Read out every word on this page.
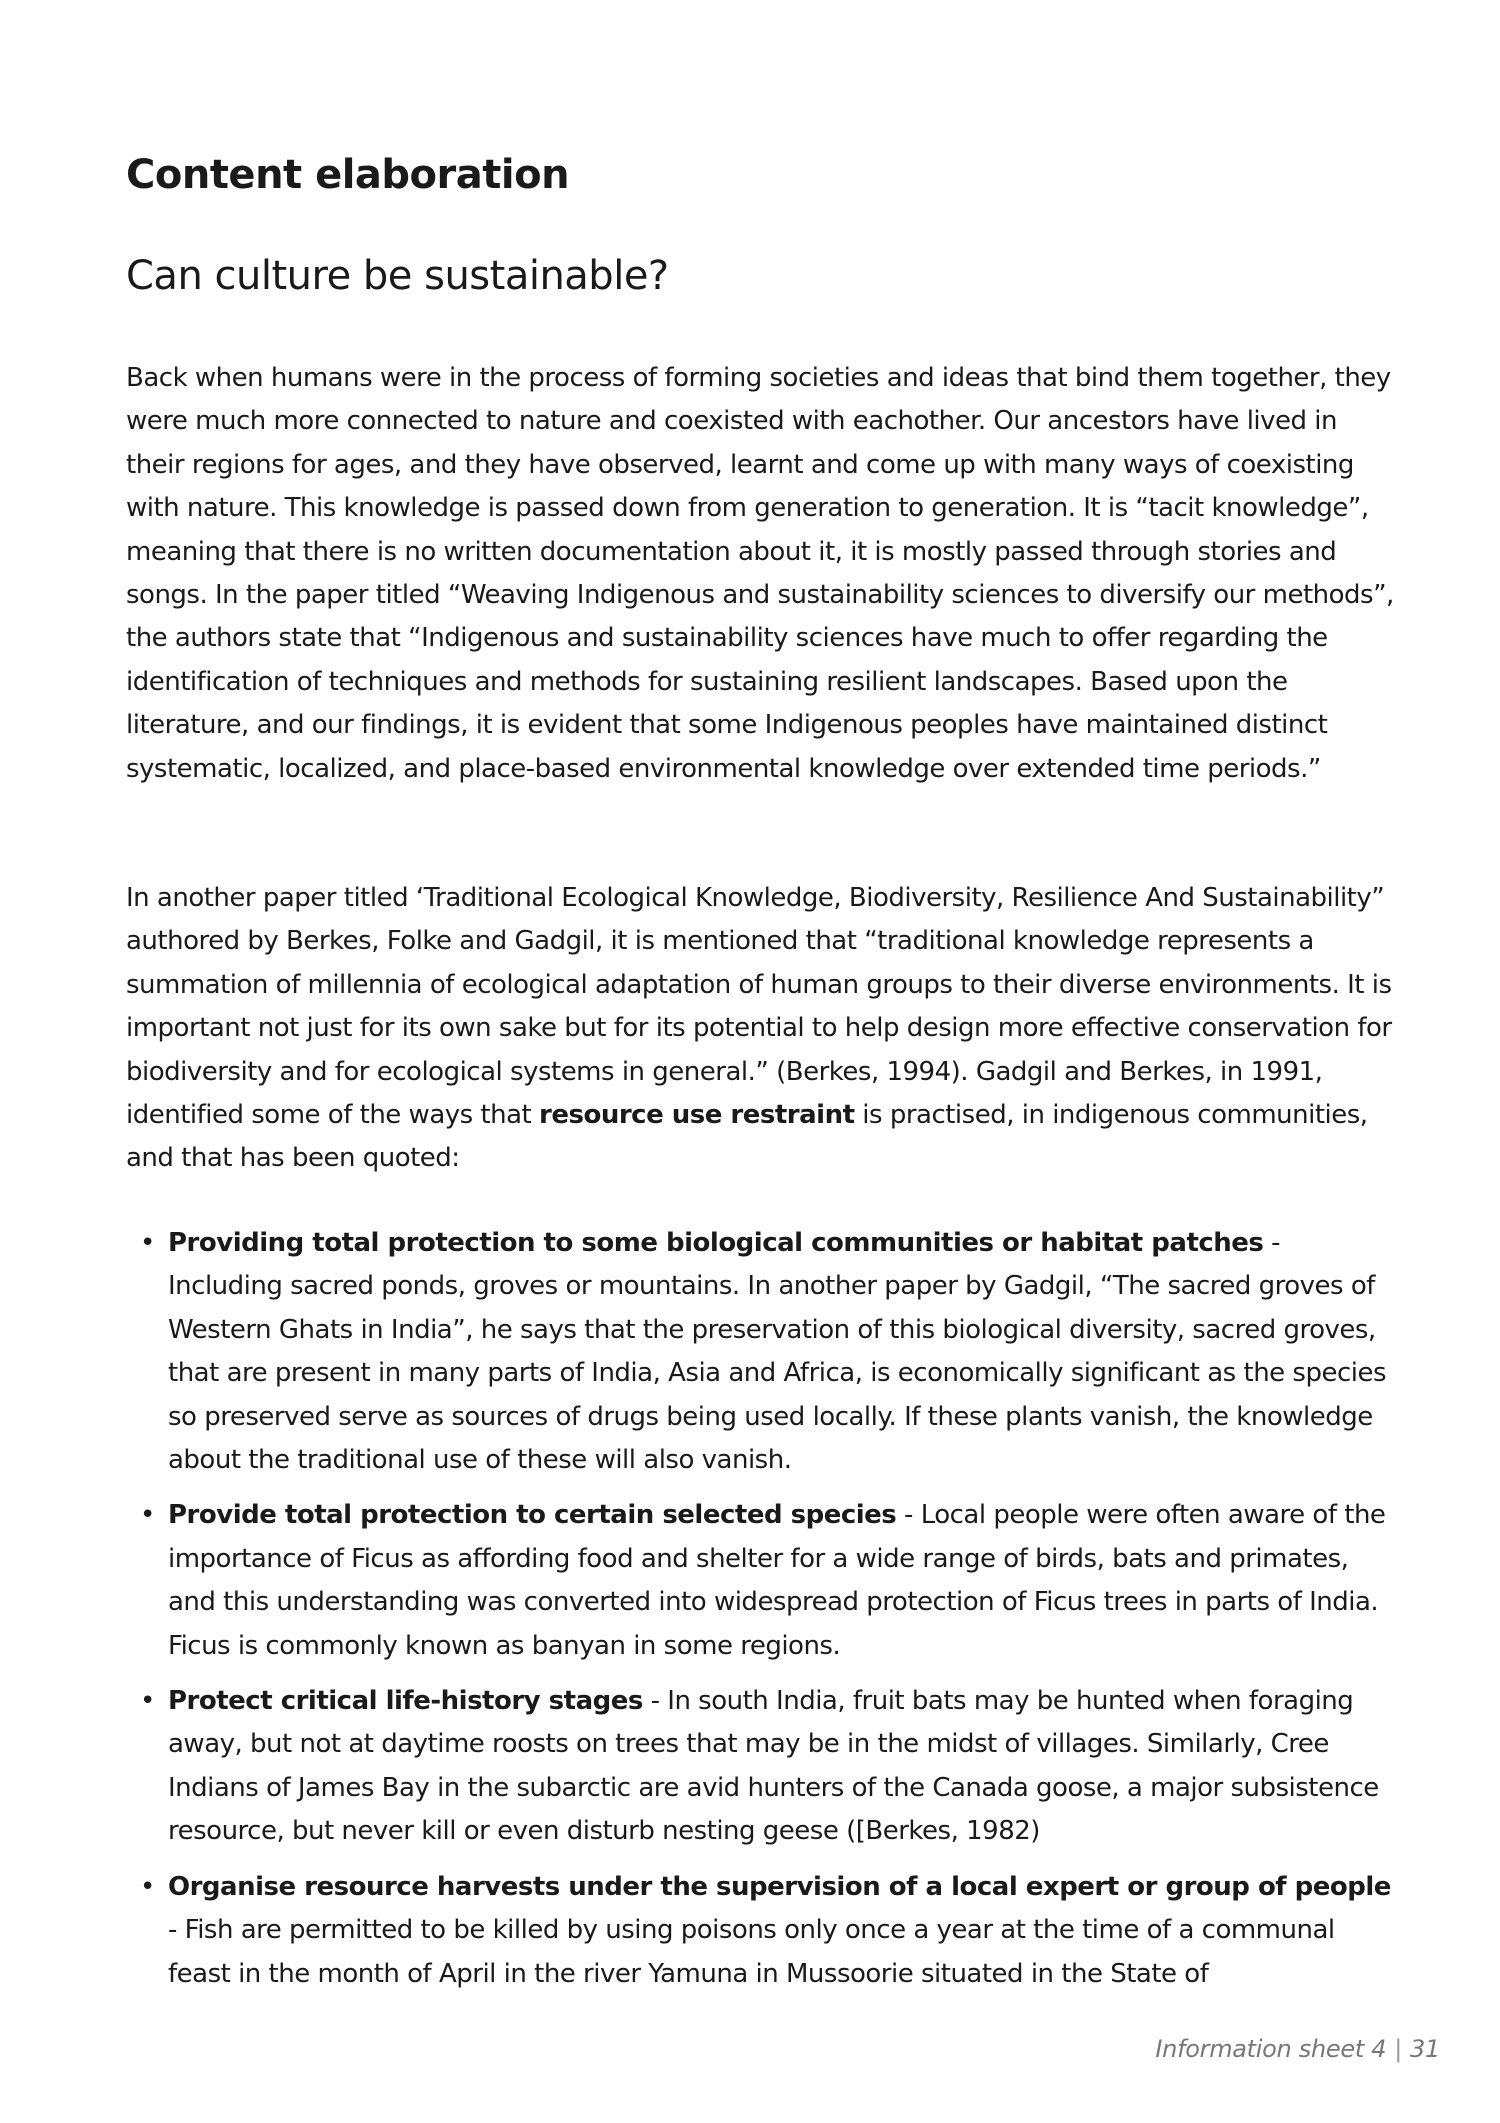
Content elaboration
Can culture be sustainable?

Back when humans were in the process of forming societies and ideas that bind them together, they were much more connected to nature and coexisted with eachother. Our ancestors have lived in their regions for ages, and they have observed, learnt and come up with many ways of coexisting with nature. This knowledge is passed down from generation to generation. It is “tacit knowledge”, meaning that there is no written documentation about it, it is mostly passed through stories and songs. In the paper titled “Weaving Indigenous and sustainability sciences to diversify our methods”, the authors state that “Indigenous and sustainability sciences have much to offer regarding the identification of techniques and methods for sustaining resilient landscapes. Based upon the literature, and our findings, it is evident that some Indigenous peoples have maintained distinct systematic, localized, and place-based environmental knowledge over extended time periods.”

In another paper titled ‘Traditional Ecological Knowledge, Biodiversity, Resilience And Sustainability” authored by Berkes, Folke and Gadgil, it is mentioned that “traditional knowledge represents a summation of millennia of ecological adaptation of human groups to their diverse environments. It is important not just for its own sake but for its potential to help design more effective conservation for biodiversity and for ecological systems in general.” (Berkes, 1994). Gadgil and Berkes, in 1991, identified some of the ways that resource use restraint is practised, in indigenous communities, and that has been quoted:

• Providing total protection to some biological communities or habitat patches - Including sacred ponds, groves or mountains. In another paper by Gadgil, “The sacred groves of Western Ghats in India”, he says that the preservation of this biological diversity, sacred groves, that are present in many parts of India, Asia and Africa, is economically significant as the species so preserved serve as sources of drugs being used locally. If these plants vanish, the knowledge about the traditional use of these will also vanish.
• Provide total protection to certain selected species - Local people were often aware of the importance of Ficus as affording food and shelter for a wide range of birds, bats and primates, and this understanding was converted into widespread protection of Ficus trees in parts of India. Ficus is commonly known as banyan in some regions.
• Protect critical life-history stages - In south India, fruit bats may be hunted when foraging away, but not at daytime roosts on trees that may be in the midst of villages. Similarly, Cree Indians of James Bay in the subarctic are avid hunters of the Canada goose, a major subsistence resource, but never kill or even disturb nesting geese ([Berkes, 1982)
• Organise resource harvests under the supervision of a local expert or group of people - Fish are permitted to be killed by using poisons only once a year at the time of a communal feast in the month of April in the river Yamuna in Mussoorie situated in the State of
Information sheet 4 | 31
